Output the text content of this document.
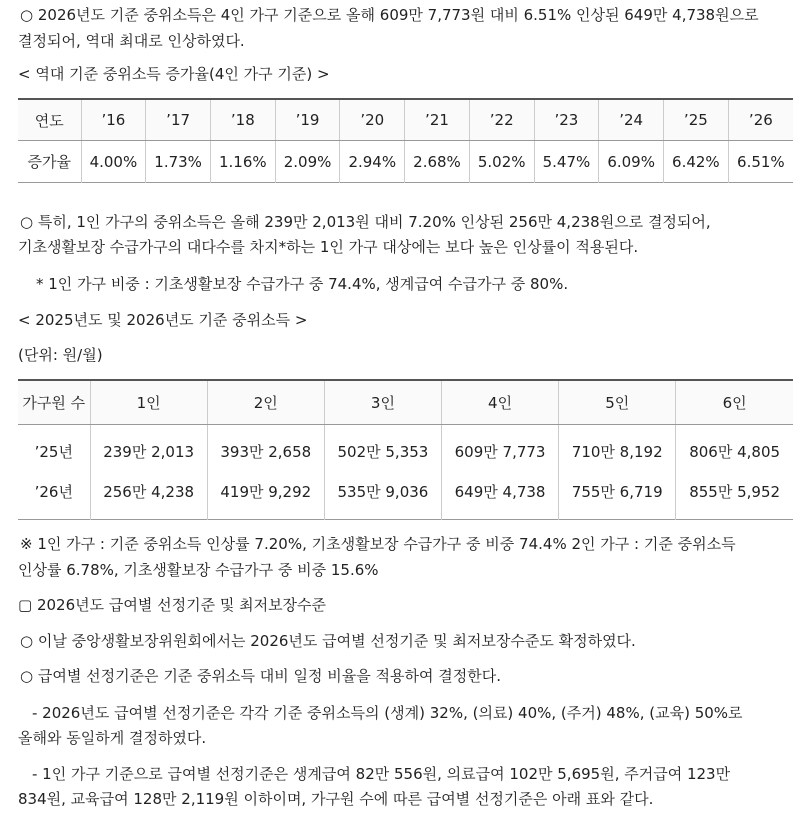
○ 2026년도 기준 중위소득은 4인 가구 기준으로 올해 609만 7,773원 대비 6.51% 인상된 649만 4,738원으로
결정되어, 역대 최대로 인상하였다.
< 역대 기준 중위소득 증가율(4인 가구 기준) >
연도	’16	’17	’18	’19	’20	’21	’22	’23	’24	’25	’26
증가율	4.00%	1.73%	1.16%	2.09%	2.94%	2.68%	5.02%	5.47%	6.09%	6.42%	6.51%
○ 특히, 1인 가구의 중위소득은 올해 239만 2,013원 대비 7.20% 인상된 256만 4,238원으로 결정되어,
기초생활보장 수급가구의 대다수를 차지*하는 1인 가구 대상에는 보다 높은 인상률이 적용된다.
* 1인 가구 비중 : 기초생활보장 수급가구 중 74.4%, 생계급여 수급가구 중 80%.
< 2025년도 및 2026년도 기준 중위소득 >
(단위: 원/월)
가구원 수	1인	2인	3인	4인	5인	6인
’25년	239만 2,013	393만 2,658	502만 5,353	609만 7,773	710만 8,192	806만 4,805
’26년	256만 4,238	419만 9,292	535만 9,036	649만 4,738	755만 6,719	855만 5,952
※ 1인 가구 : 기준 중위소득 인상률 7.20%, 기초생활보장 수급가구 중 비중 74.4% 2인 가구 : 기준 중위소득
인상률 6.78%, 기초생활보장 수급가구 중 비중 15.6%
▢ 2026년도 급여별 선정기준 및 최저보장수준
○ 이날 중앙생활보장위원회에서는 2026년도 급여별 선정기준 및 최저보장수준도 확정하였다.
○ 급여별 선정기준은 기준 중위소득 대비 일정 비율을 적용하여 결정한다.
- 2026년도 급여별 선정기준은 각각 기준 중위소득의 (생계) 32%, (의료) 40%, (주거) 48%, (교육) 50%로
올해와 동일하게 결정하였다.
- 1인 가구 기준으로 급여별 선정기준은 생계급여 82만 556원, 의료급여 102만 5,695원, 주거급여 123만
834원, 교육급여 128만 2,119원 이하이며, 가구원 수에 따른 급여별 선정기준은 아래 표와 같다.
